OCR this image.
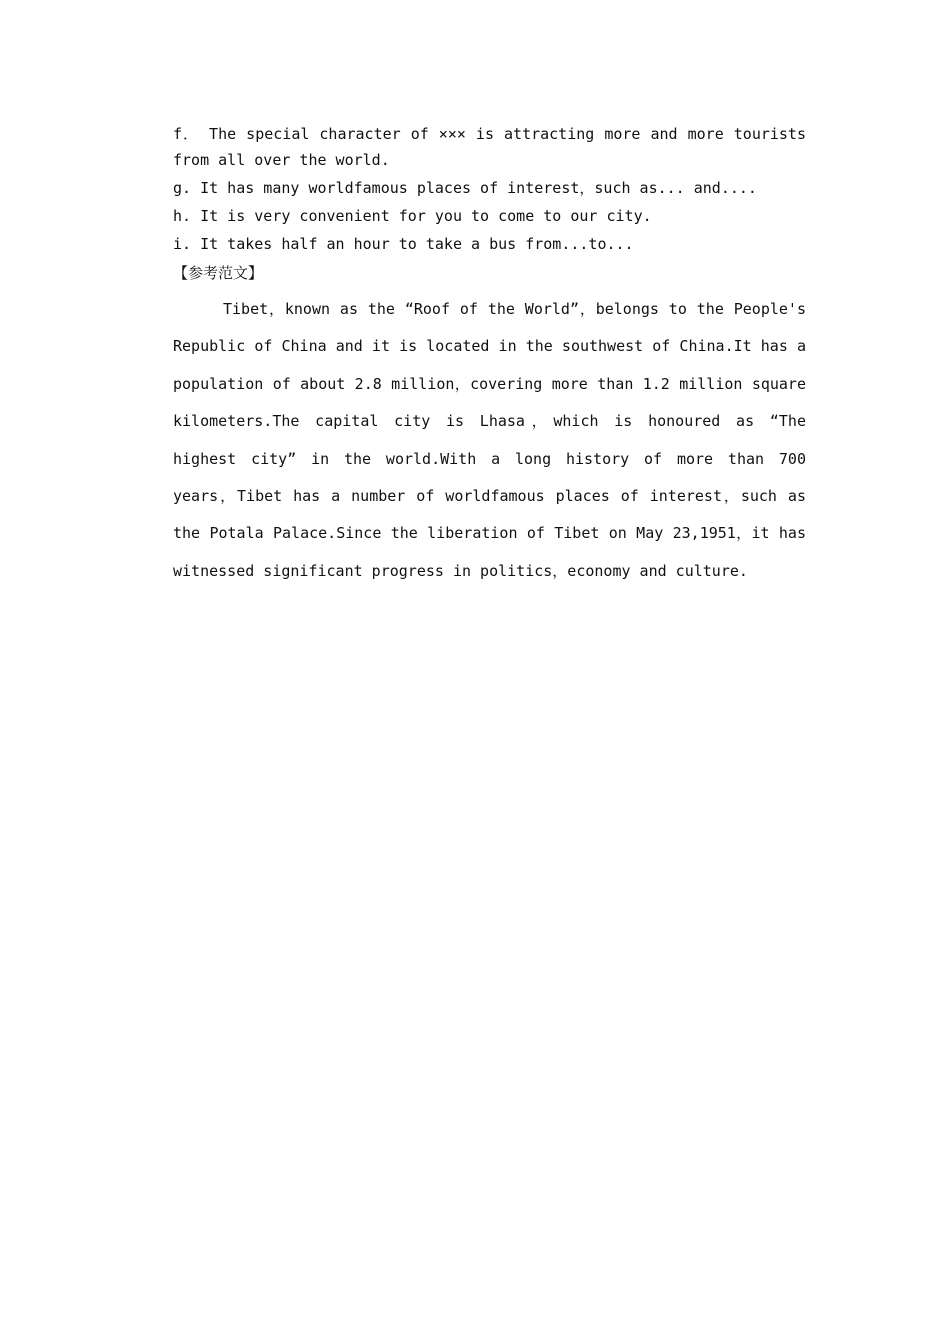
f． The special character of ××× is attracting more and more tourists from all over the world.

g. It has many worldfamous places of interest，such as... and....

h. It is very convenient for you to come to our city.

i. It takes half an hour to take a bus from...to...

【参考范文】

Tibet，known as the “Roof of the World”，belongs to the People's Republic of China and it is located in the southwest of China.It has a population of about 2.8 million，covering more than 1.2 million square kilometers.The capital city is Lhasa，which is honoured as “The highest city” in the world.With a long history of more than 700 years，Tibet has a number of worldfamous places of interest，such as the Potala Palace.Since the liberation of Tibet on May 23,1951，it has witnessed significant progress in politics，economy and culture.
